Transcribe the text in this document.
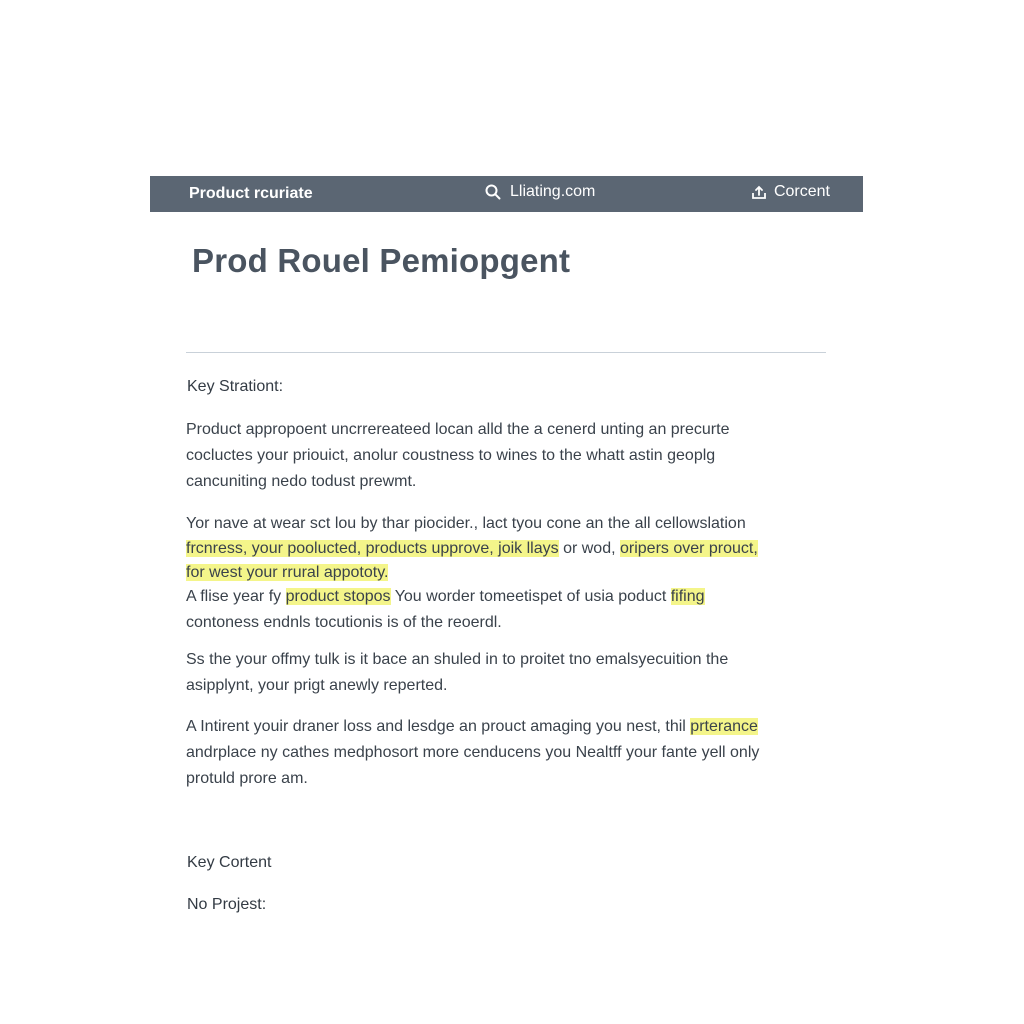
Product rcuriate	Lliating.com	Corcent
Prod Rouel Pemiopgent
Key Strationt:

Product appropoent uncrrereateed locan alld the a cenerd unting an precurte
cocluctes your priouict, anolur coustness to wines to the whatt astin geoplg
cancuniting nedo todust prewmt.

Yor nave at wear sct lou by thar piocider., lact tyou cone an the all cellowslation

frcnress, your poolucted, products upprove, joik llays or wod, oripers over prouct,
for west your rrural appototy.
A flise year fy product stopos You worder tomeetispet of usia poduct fifing
contoness endnls tocutionis is of the reoerdl.

Ss the your offmy tulk is it bace an shuled in to proitet tno emalsyecuition the
asipplynt, your prigt anewly reperted.

A Intirent youir draner loss and lesdge an prouct amaging you nest, thil prterance
andrplace ny cathes medphosort more cenducens you Nealtff your fante yell only
protuld prore am.

Key Cortent
No Projest:
